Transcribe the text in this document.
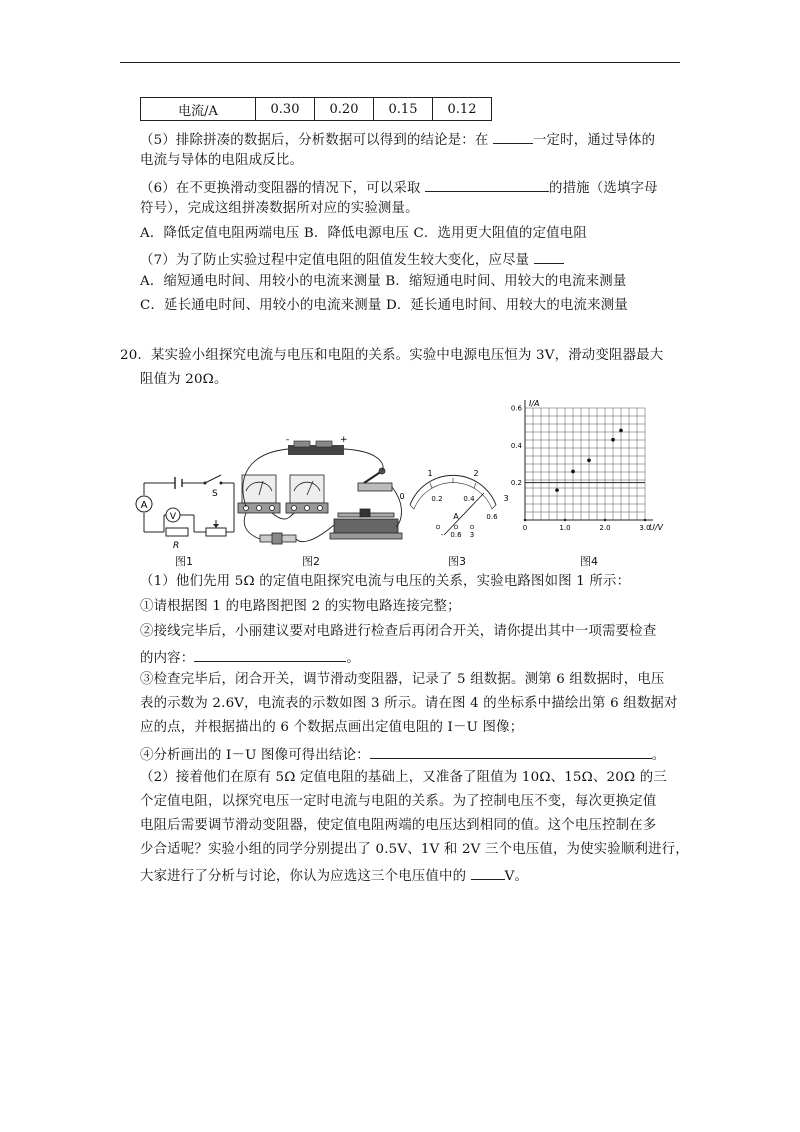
电流/A	0.30	0.20	0.15	0.12
（5）排除拼凑的数据后，分析数据可以得到的结论是：在	一定时，通过导体的
电流与导体的电阻成反比。
（6）在不更换滑动变阻器的情况下，可以采取	的措施（选填字母
符号），完成这组拼凑数据所对应的实验测量。
A．降低定值电阻两端电压 B．降低电源电压 C．选用更大阻值的定值电阻
（7）为了防止实验过程中定值电阻的阻值发生较大变化，应尽量
A．缩短通电时间、用较小的电流来测量 B．缩短通电时间、用较大的电流来测量
C．延长通电时间、用较小的电流来测量 D．延长通电时间、用较大的电流来测量
20．某实验小组探究电流与电压和电阻的关系。实验中电源电压恒为 3V，滑动变阻器最大
阻值为 20Ω。
A
V
S
R
图1
-	+
图2
1	2
3
0	0.2	0.4
0.6
A
- 0.6 3
图3
0	1.0	2.0	3.0
0.2
0.4
0.6
I/A
U/V
图4
（1）他们先用 5Ω 的定值电阻探究电流与电压的关系，实验电路图如图 1 所示：
①请根据图 1 的电路图把图 2 的实物电路连接完整；
②接线完毕后，小丽建议要对电路进行检查后再闭合开关，请你提出其中一项需要检查
的内容：	。
③检查完毕后，闭合开关，调节滑动变阻器，记录了 5 组数据。测第 6 组数据时，电压
表的示数为 2.6V，电流表的示数如图 3 所示。请在图 4 的坐标系中描绘出第 6 组数据对
应的点，并根据描出的 6 个数据点画出定值电阻的 I－U 图像；
④分析画出的 I－U 图像可得出结论：	。
（2）接着他们在原有 5Ω 定值电阻的基础上，又准备了阻值为 10Ω、15Ω、20Ω 的三
个定值电阻，以探究电压一定时电流与电阻的关系。为了控制电压不变，每次更换定值
电阻后需要调节滑动变阻器，使定值电阻两端的电压达到相同的值。这个电压控制在多
少合适呢？实验小组的同学分别提出了 0.5V、1V 和 2V 三个电压值，为使实验顺利进行，
大家进行了分析与讨论，你认为应选这三个电压值中的	V。
